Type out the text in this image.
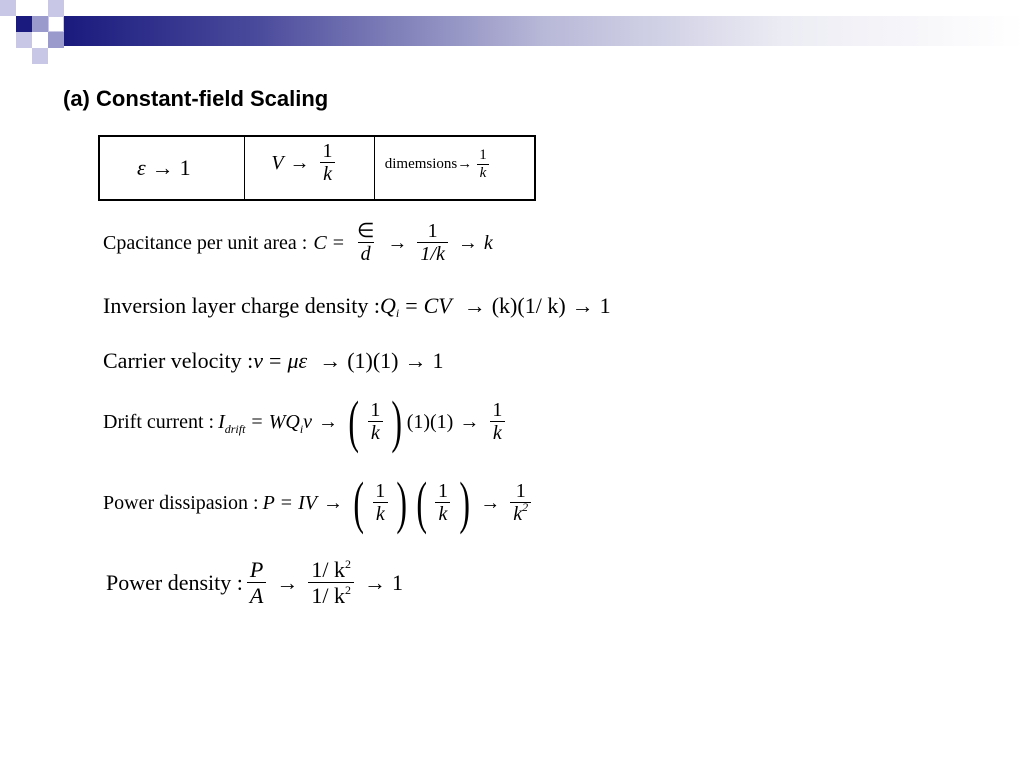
(a) Constant-field Scaling
ε → 1	$V \to \frac{1}{k}$	dimemsions → $\frac{1}{k}$
Cpacitance per unit area : $C = \frac{\in}{d} \to \frac{1}{1/k} \to k$
Inversion layer charge density : Q i = CV → (k)(1/ k) → 1
Carrier velocity : v = με → (1)(1) → 1
Drift current : I drift = WQ i v → ( $\frac{1}{k}$ ) $(1)(1) \to \frac{1}{k}$
Power dissipasion : P = IV → ( $\frac{1}{k}$ ) ( $\frac{1}{k}$ ) → $\frac{1}{k^2}$
Power density : $\frac{P}{A} \to \frac{1/ k^2}{1/ k^2} \to 1$
